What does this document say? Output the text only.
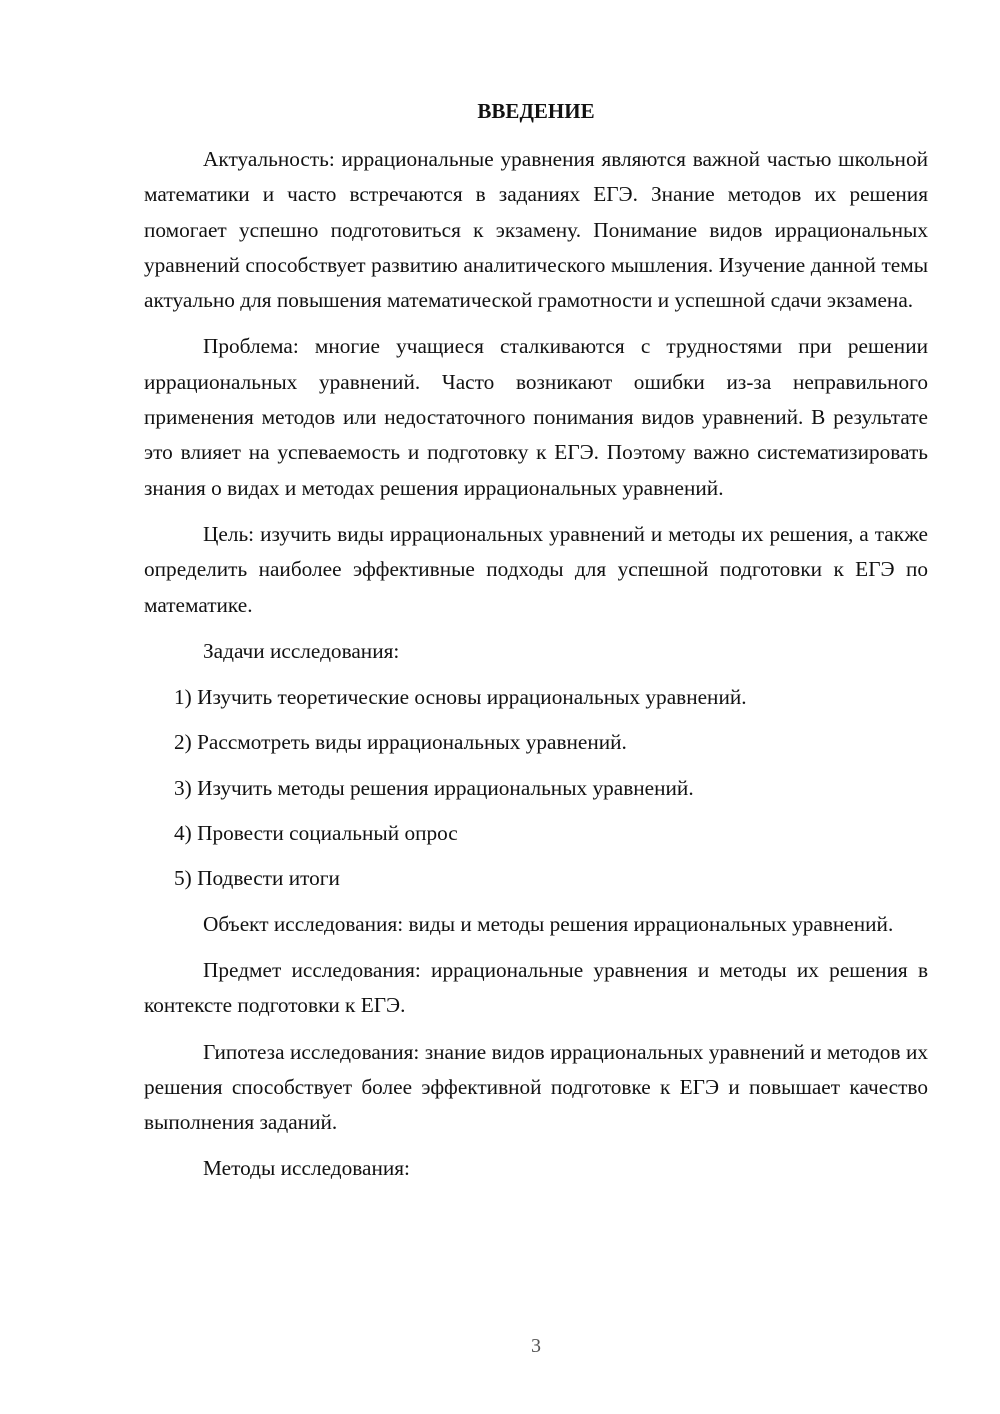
ВВЕДЕНИЕ

Актуальность: иррациональные уравнения являются важной частью школьной математики и часто встречаются в заданиях ЕГЭ. Знание методов их решения помогает успешно подготовиться к экзамену. Понимание видов иррациональных уравнений способствует развитию аналитического мышления. Изучение данной темы актуально для повышения математической грамотности и успешной сдачи экзамена.

Проблема: многие учащиеся сталкиваются с трудностями при решении иррациональных уравнений. Часто возникают ошибки из-за неправильного применения методов или недостаточного понимания видов уравнений. В результате это влияет на успеваемость и подготовку к ЕГЭ. Поэтому важно систематизировать знания о видах и методах решения иррациональных уравнений.

Цель: изучить виды иррациональных уравнений и методы их решения, а также определить наиболее эффективные подходы для успешной подготовки к ЕГЭ по математике.

Задачи исследования:

1) Изучить теоретические основы иррациональных уравнений.
2) Рассмотреть виды иррациональных уравнений.
3) Изучить методы решения иррациональных уравнений.
4) Провести социальный опрос
5) Подвести итоги

Объект исследования: виды и методы решения иррациональных уравнений.

Предмет исследования: иррациональные уравнения и методы их решения в контексте подготовки к ЕГЭ.

Гипотеза исследования: знание видов иррациональных уравнений и методов их решения способствует более эффективной подготовке к ЕГЭ и повышает качество выполнения заданий.

Методы исследования:

3
